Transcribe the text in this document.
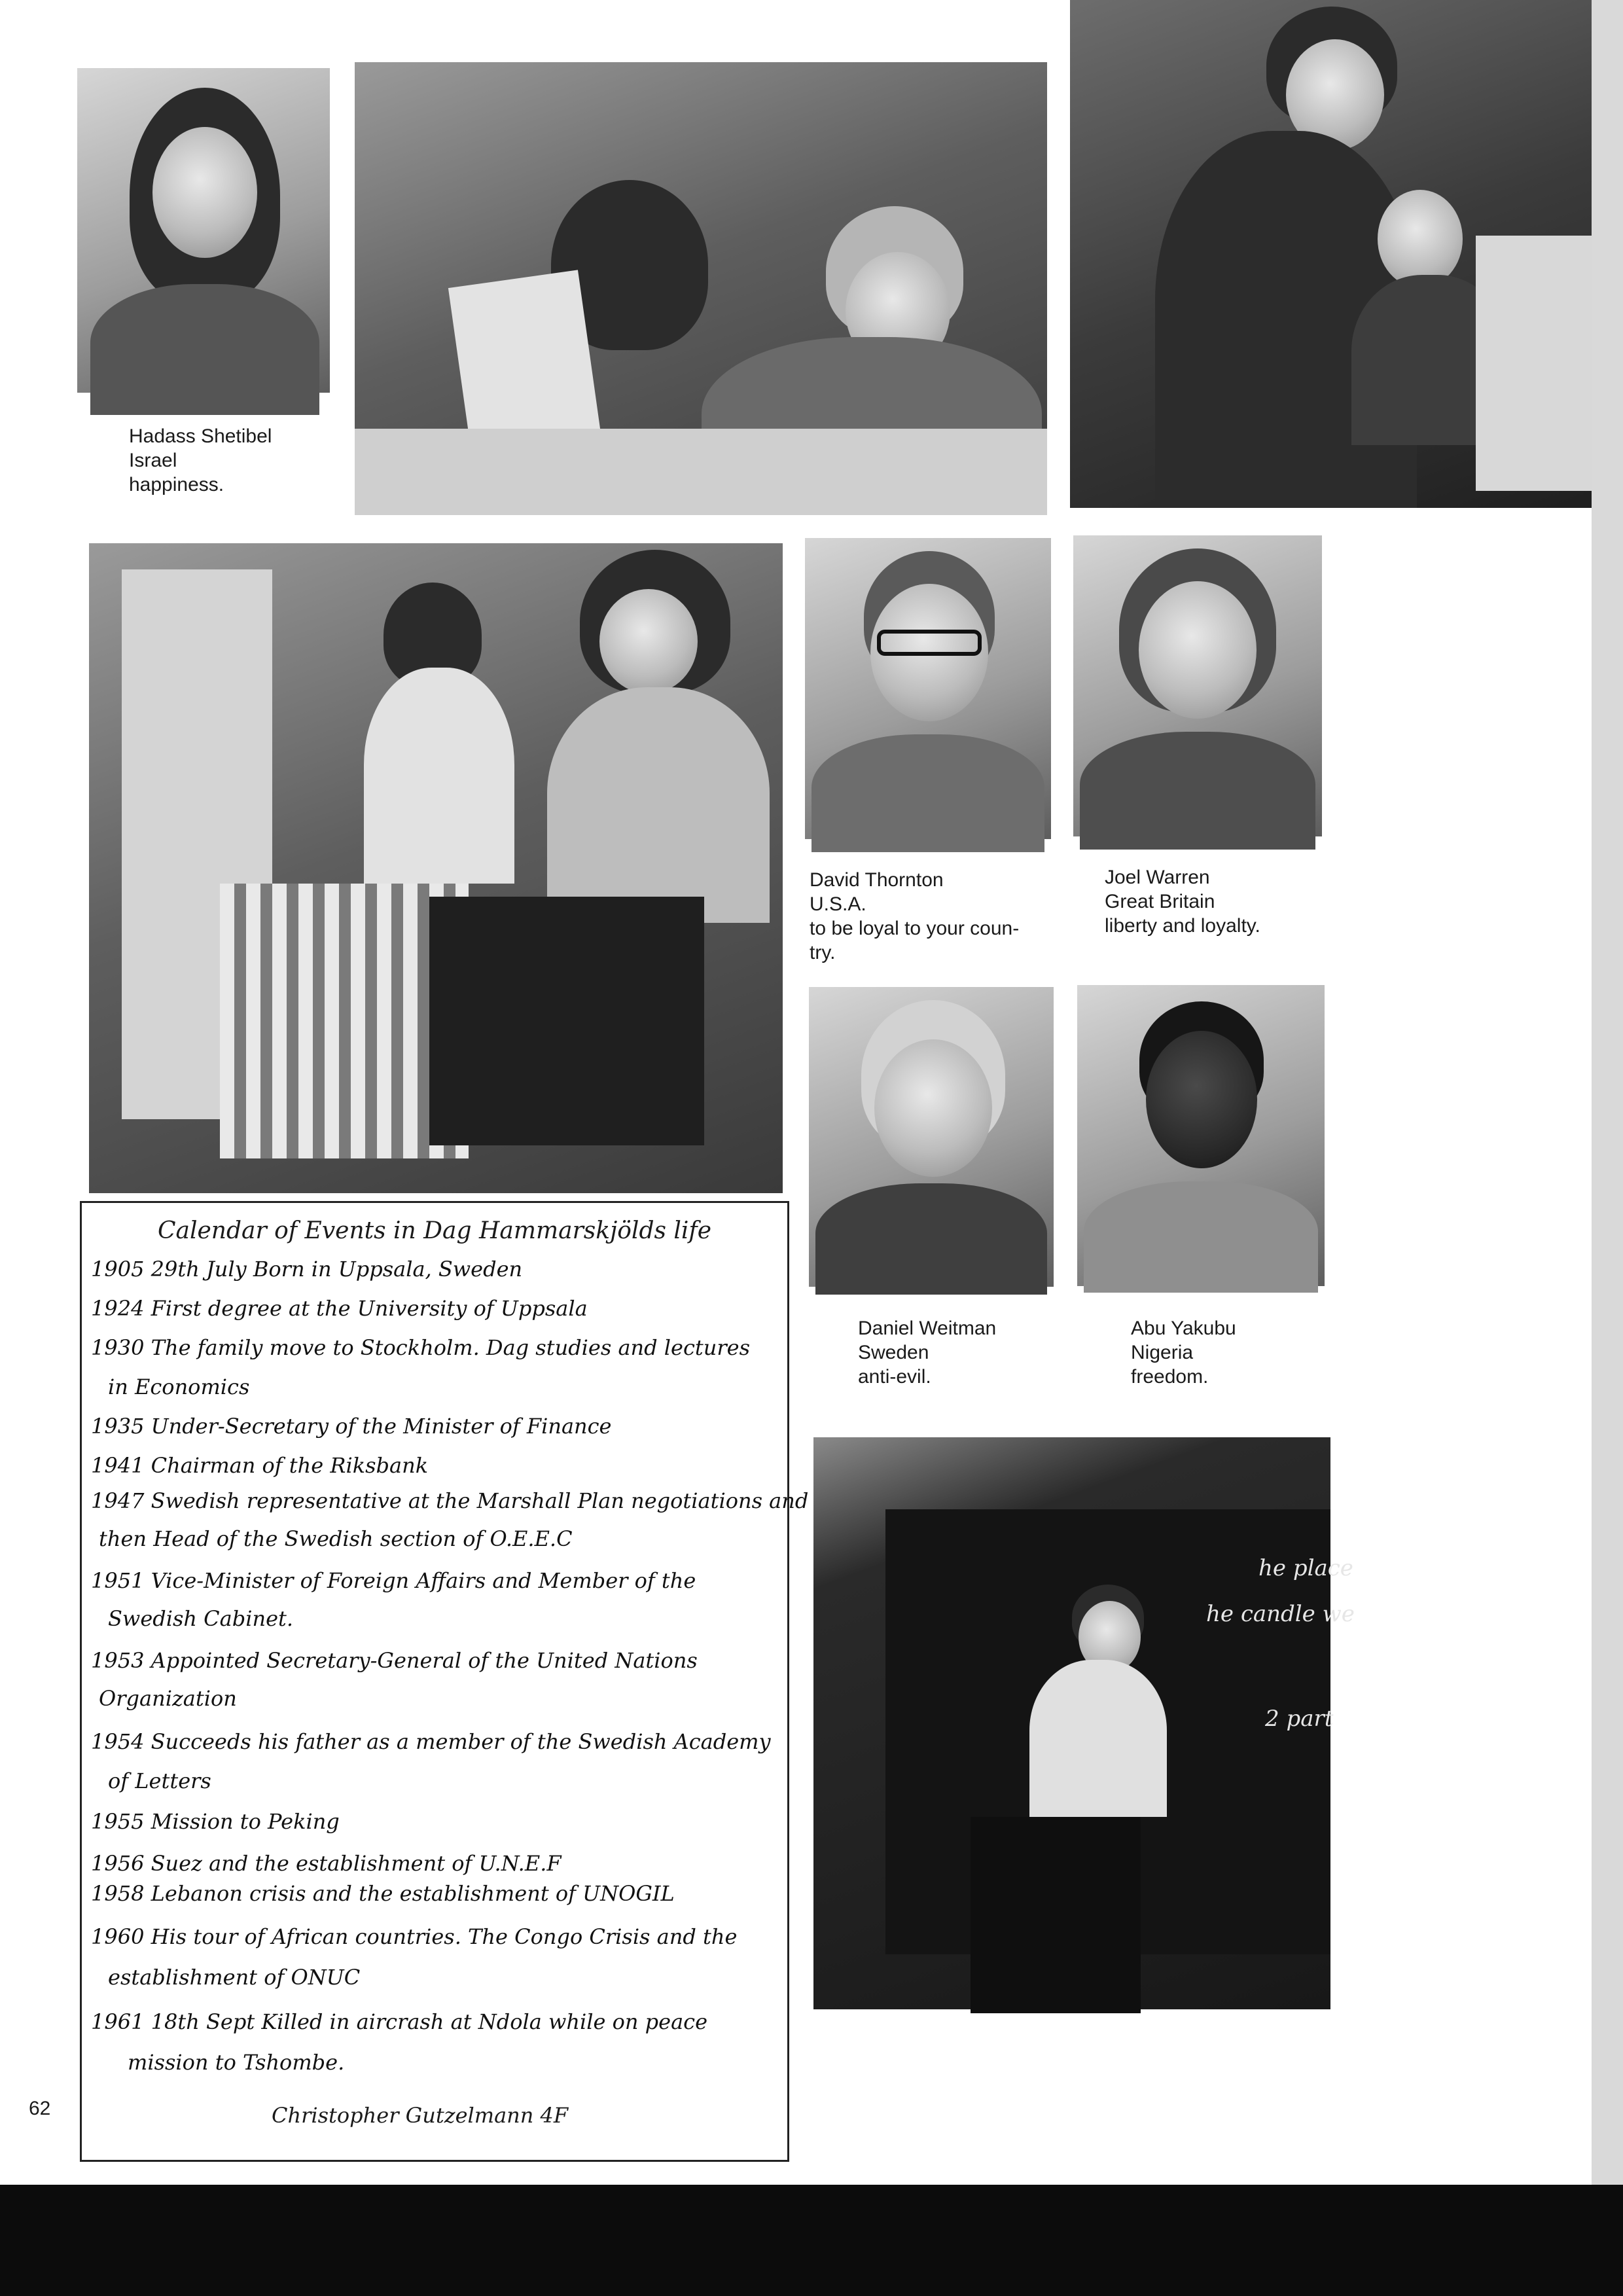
David Thornton
U.S.A.
to be loyal to your coun-
try.
Joel Warren
Great Britain
liberty and loyalty.
Daniel Weitman
Sweden
anti-evil.
Abu Yakubu
Nigeria
freedom.
Hadass Shetibel
Israel
happiness.
he place
he candle we
2 part
Calendar of Events in Dag Hammarskjölds life
1905 29th July Born in Uppsala, Sweden
1924 First degree at the University of Uppsala
1930 The family move to Stockholm. Dag studies and lectures
in Economics
1935 Under-Secretary of the Minister of Finance
1941 Chairman of the Riksbank
1947 Swedish representative at the Marshall Plan negotiations and
then Head of the Swedish section of O.E.E.C
1951 Vice-Minister of Foreign Affairs and Member of the
Swedish Cabinet.
1953 Appointed Secretary-General of the United Nations
Organization
1954 Succeeds his father as a member of the Swedish Academy
of Letters
1955 Mission to Peking
1956 Suez and the establishment of U.N.E.F
1958 Lebanon crisis and the establishment of UNOGIL
1960 His tour of African countries. The Congo Crisis and the
establishment of ONUC
1961 18th Sept Killed in aircrash at Ndola while on peace
mission to Tshombe.
Christopher Gutzelmann 4F
62
